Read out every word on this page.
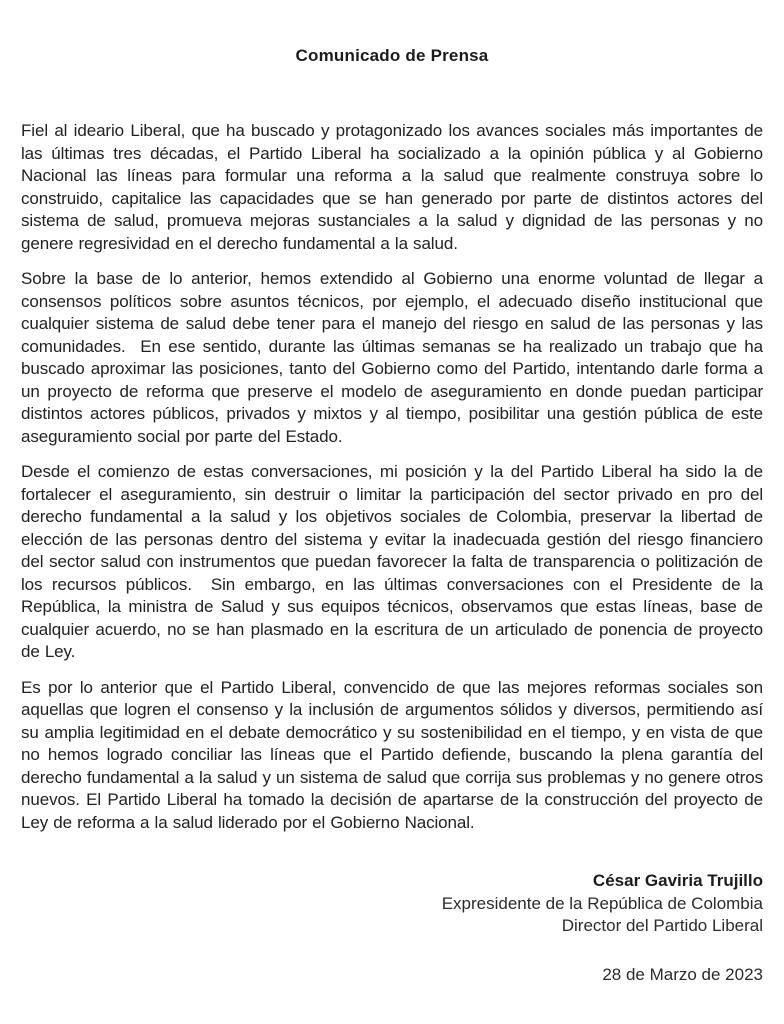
Comunicado de Prensa

Fiel al ideario Liberal, que ha buscado y protagonizado los avances sociales más importantes de las últimas tres décadas, el Partido Liberal ha socializado a la opinión pública y al Gobierno Nacional las líneas para formular una reforma a la salud que realmente construya sobre lo construido, capitalice las capacidades que se han generado por parte de distintos actores del sistema de salud, promueva mejoras sustanciales a la salud y dignidad de las personas y no genere regresividad en el derecho fundamental a la salud.

Sobre la base de lo anterior, hemos extendido al Gobierno una enorme voluntad de llegar a consensos políticos sobre asuntos técnicos, por ejemplo, el adecuado diseño institucional que cualquier sistema de salud debe tener para el manejo del riesgo en salud de las personas y las comunidades.  En ese sentido, durante las últimas semanas se ha realizado un trabajo que ha buscado aproximar las posiciones, tanto del Gobierno como del Partido, intentando darle forma a un proyecto de reforma que preserve el modelo de aseguramiento en donde puedan participar distintos actores públicos, privados y mixtos y al tiempo, posibilitar una gestión pública de este aseguramiento social por parte del Estado.

Desde el comienzo de estas conversaciones, mi posición y la del Partido Liberal ha sido la de fortalecer el aseguramiento, sin destruir o limitar la participación del sector privado en pro del derecho fundamental a la salud y los objetivos sociales de Colombia, preservar la libertad de elección de las personas dentro del sistema y evitar la inadecuada gestión del riesgo financiero del sector salud con instrumentos que puedan favorecer la falta de transparencia o politización de los recursos públicos.  Sin embargo, en las últimas conversaciones con el Presidente de la República, la ministra de Salud y sus equipos técnicos, observamos que estas líneas, base de cualquier acuerdo, no se han plasmado en la escritura de un articulado de ponencia de proyecto de Ley.

Es por lo anterior que el Partido Liberal, convencido de que las mejores reformas sociales son aquellas que logren el consenso y la inclusión de argumentos sólidos y diversos, permitiendo así su amplia legitimidad en el debate democrático y su sostenibilidad en el tiempo, y en vista de que no hemos logrado conciliar las líneas que el Partido defiende, buscando la plena garantía del derecho fundamental a la salud y un sistema de salud que corrija sus problemas y no genere otros nuevos. El Partido Liberal ha tomado la decisión de apartarse de la construcción del proyecto de Ley de reforma a la salud liderado por el Gobierno Nacional.

César Gaviria Trujillo
Expresidente de la República de Colombia
Director del Partido Liberal
28 de Marzo de 2023
